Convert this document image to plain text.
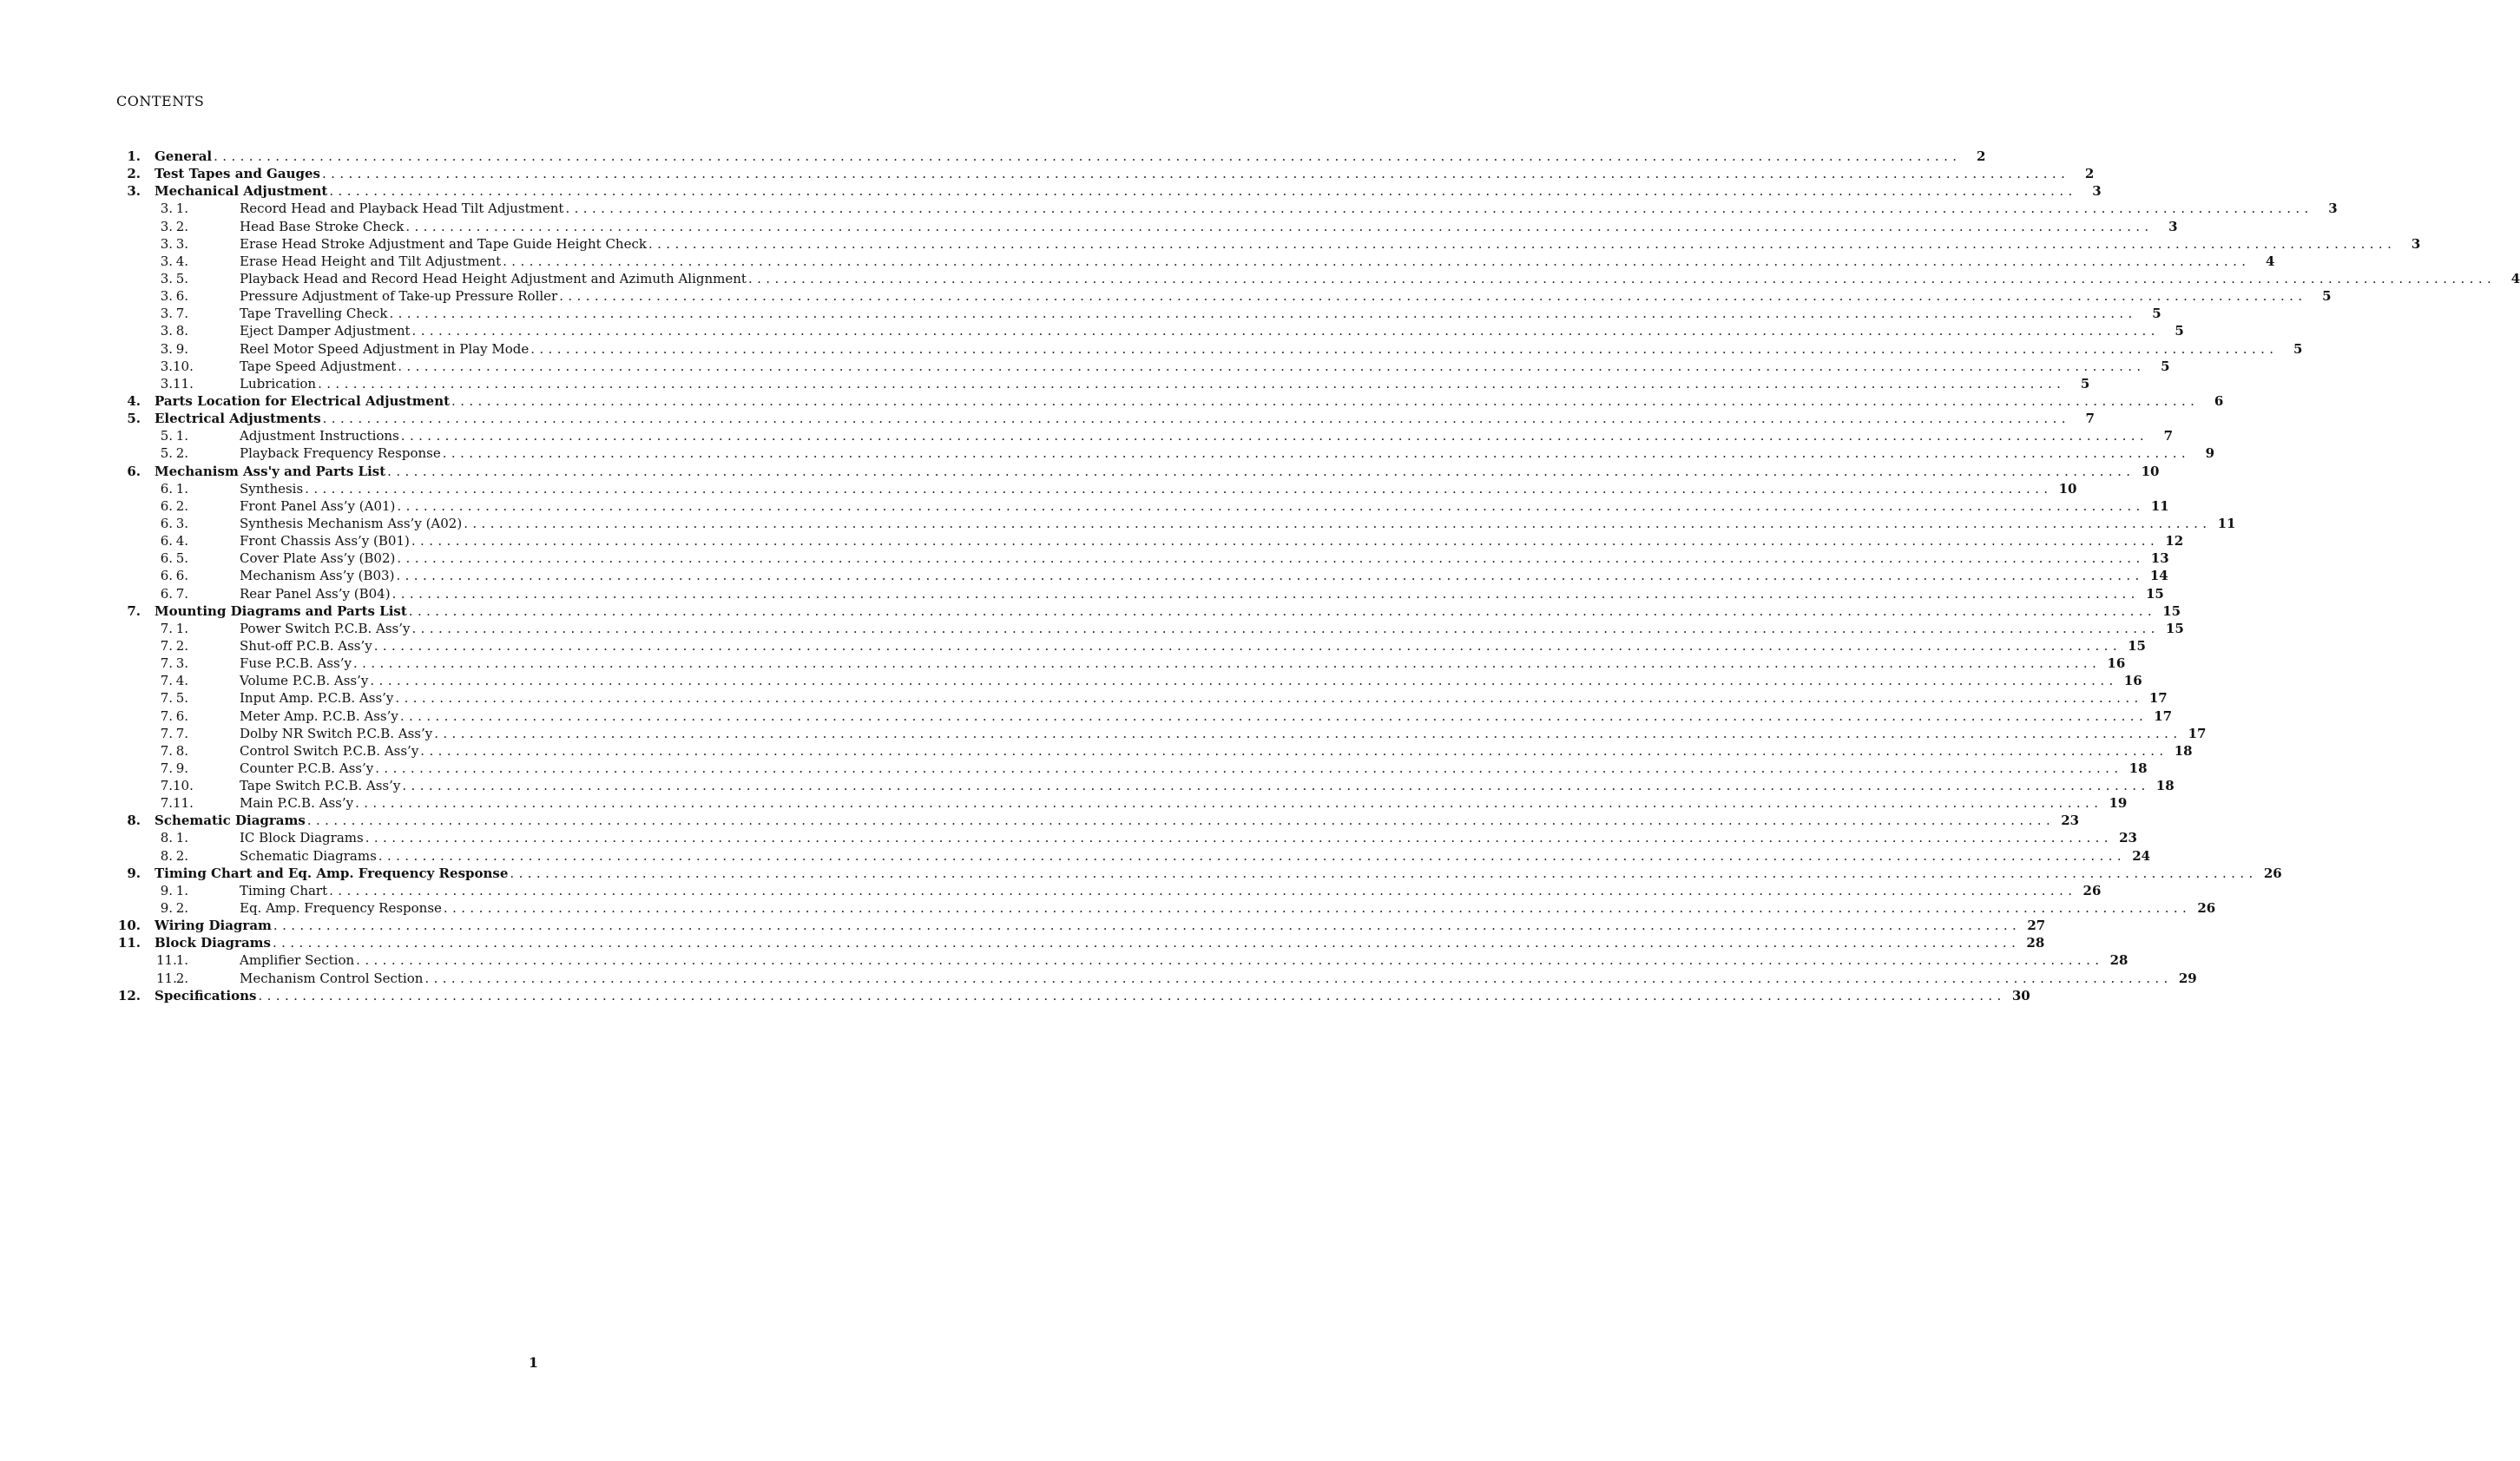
CONTENTS
1. General ......................................................................................................................................................................................................	2
2. Test Tapes and Gauges ......................................................................................................................................................................................................	2
3. Mechanical Adjustment ......................................................................................................................................................................................................	3
3. 1.	Record Head and Playback Head Tilt Adjustment ......................................................................................................................................................................................................	3
3. 2.	Head Base Stroke Check ......................................................................................................................................................................................................	3
3. 3.	Erase Head Stroke Adjustment and Tape Guide Height Check ......................................................................................................................................................................................................	3
3. 4.	Erase Head Height and Tilt Adjustment ......................................................................................................................................................................................................	4
3. 5.	Playback Head and Record Head Height Adjustment and Azimuth Alignment ......................................................................................................................................................................................................	4
3. 6.	Pressure Adjustment of Take-up Pressure Roller ......................................................................................................................................................................................................	5
3. 7.	Tape Travelling Check ......................................................................................................................................................................................................	5
3. 8.	Eject Damper Adjustment ......................................................................................................................................................................................................	5
3. 9.	Reel Motor Speed Adjustment in Play Mode ......................................................................................................................................................................................................	5
3.10.	Tape Speed Adjustment ......................................................................................................................................................................................................	5
3.11.	Lubrication ......................................................................................................................................................................................................	5
4. Parts Location for Electrical Adjustment ......................................................................................................................................................................................................	6
5. Electrical Adjustments ......................................................................................................................................................................................................	7
5. 1.	Adjustment Instructions ......................................................................................................................................................................................................	7
5. 2.	Playback Frequency Response ......................................................................................................................................................................................................	9
6. Mechanism Ass'y and Parts List ...................................................................................................................................................................................................... 10
6. 1.	Synthesis ...................................................................................................................................................................................................... 10
6. 2.	Front Panel Ass’y (A01) ...................................................................................................................................................................................................... 11
6. 3.	Synthesis Mechanism Ass’y (A02) ...................................................................................................................................................................................................... 11
6. 4.	Front Chassis Ass’y (B01) ...................................................................................................................................................................................................... 12
6. 5.	Cover Plate Ass’y (B02) ...................................................................................................................................................................................................... 13
6. 6.	Mechanism Ass’y (B03) ...................................................................................................................................................................................................... 14
6. 7.	Rear Panel Ass’y (B04) ...................................................................................................................................................................................................... 15
7. Mounting Diagrams and Parts List ...................................................................................................................................................................................................... 15
7. 1.	Power Switch P.C.B. Ass’y ...................................................................................................................................................................................................... 15
7. 2.	Shut-off P.C.B. Ass’y ...................................................................................................................................................................................................... 15
7. 3.	Fuse P.C.B. Ass’y ...................................................................................................................................................................................................... 16
7. 4.	Volume P.C.B. Ass’y ...................................................................................................................................................................................................... 16
7. 5.	Input Amp. P.C.B. Ass’y ...................................................................................................................................................................................................... 17
7. 6.	Meter Amp. P.C.B. Ass’y ...................................................................................................................................................................................................... 17
7. 7.	Dolby NR Switch P.C.B. Ass’y ...................................................................................................................................................................................................... 17
7. 8.	Control Switch P.C.B. Ass’y ...................................................................................................................................................................................................... 18
7. 9.	Counter P.C.B. Ass’y ...................................................................................................................................................................................................... 18
7.10.	Tape Switch P.C.B. Ass’y ...................................................................................................................................................................................................... 18
7.11.	Main P.C.B. Ass’y ...................................................................................................................................................................................................... 19
8. Schematic Diagrams ...................................................................................................................................................................................................... 23
8. 1.	IC Block Diagrams ...................................................................................................................................................................................................... 23
8. 2.	Schematic Diagrams ...................................................................................................................................................................................................... 24
9. Timing Chart and Eq. Amp. Frequency Response ...................................................................................................................................................................................................... 26
9. 1.	Timing Chart ...................................................................................................................................................................................................... 26
9. 2.	Eq. Amp. Frequency Response ...................................................................................................................................................................................................... 26
10. Wiring Diagram ...................................................................................................................................................................................................... 27
11. Block Diagrams ...................................................................................................................................................................................................... 28
11.1.	Amplifier Section ...................................................................................................................................................................................................... 28
11.2.	Mechanism Control Section ...................................................................................................................................................................................................... 29
12. Specifications ...................................................................................................................................................................................................... 30
1
